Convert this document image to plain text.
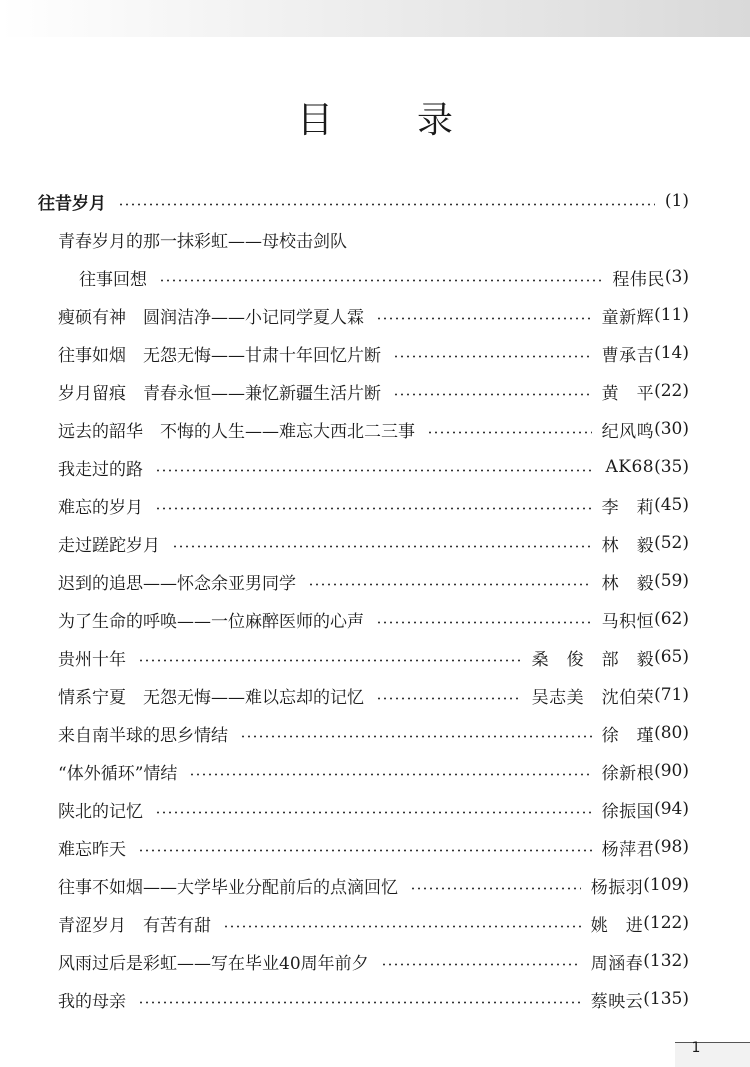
目 录
往昔岁月	(1)
青春岁月的那一抹彩虹——母校击剑队
往事回想	程伟民 (3)
瘦硕有神　圆润洁净——小记同学夏人霖	童新辉 (11)
往事如烟　无怨无悔——甘肃十年回忆片断	曹承吉 (14)
岁月留痕　青春永恒——兼忆新疆生活片断	黄　平 (22)
远去的韶华　不悔的人生——难忘大西北二三事	纪风鸣 (30)
我走过的路	AK68 (35)
难忘的岁月	李　莉 (45)
走过蹉跎岁月	林　毅 (52)
迟到的追思——怀念余亚男同学	林　毅 (59)
为了生命的呼唤——一位麻醉医师的心声	马积恒 (62)
贵州十年	桑　俊　部　毅 (65)
情系宁夏　无怨无悔——难以忘却的记忆	吴志美　沈伯荣 (71)
来自南半球的思乡情结	徐　瑾 (80)
“体外循环”情结	徐新根 (90)
陕北的记忆	徐振国 (94)
难忘昨天	杨萍君 (98)
往事不如烟——大学毕业分配前后的点滴回忆	杨振羽 (109)
青涩岁月　有苦有甜	姚　进 (122)
风雨过后是彩虹——写在毕业40周年前夕	周涵春 (132)
我的母亲	蔡映云 (135)
1
